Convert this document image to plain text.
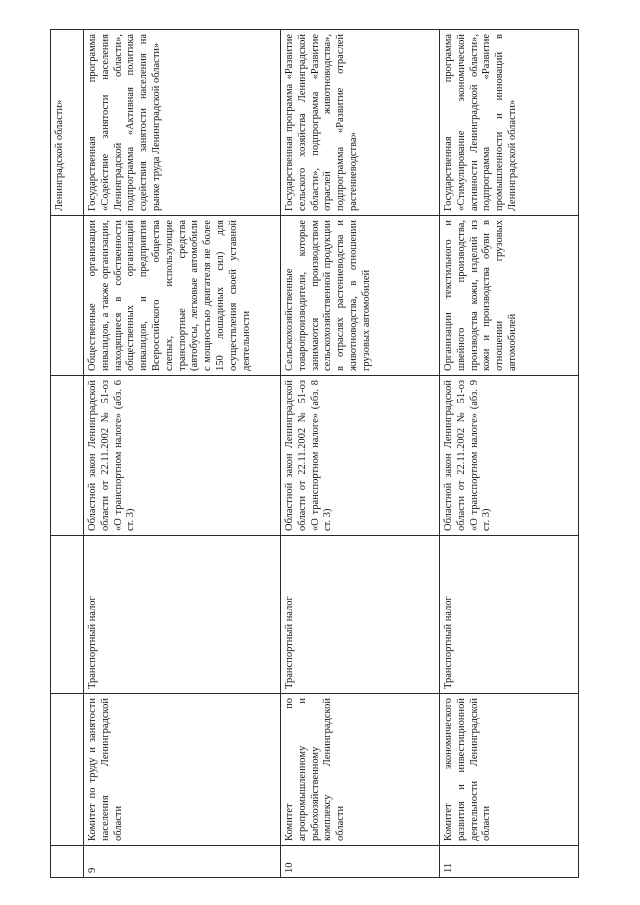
					Ленинградской области»
9	Комитет по труду и занятости населения Ленинградской области	Транспортный налог	Областной закон Ленинградской области от 22.11.2002 № 51-оз «О транспортном налоге» (абз. 6 ст. 3)	Общественные организации инвалидов, а также организации, находящиеся в собственности общественных организаций инвалидов, и предприятия Всероссийского общества слепых, использующие транспортные средства (автобусы, легковые автомобили с мощностью двигателя не более 150 лошадиных сил) для осуществления своей уставной деятельности	Государственная программа «Содействие занятости населения Ленинградской области», подпрограмма «Активная политика содействия занятости населения на рынке труда Ленинградской области»
10	Комитет по агропромышленному и рыбохозяйственному комплексу Ленинградской области	Транспортный налог	Областной закон Ленинградской области от 22.11.2002 № 51-оз «О транспортном налоге» (абз. 8 ст. 3)	Сельскохозяйственные товаропроизводители, которые занимаются производством сельскохозяйственной продукции в отраслях растениеводства и животноводства, в отношении грузовых автомобилей	Государственная программа «Развитие сельского хозяйства Ленинградской области», подпрограмма «Развитие отраслей животноводства», подпрограмма «Развитие отраслей растениеводства»
11	Комитет экономического развития и инвестиционной деятельности Ленинградской области	Транспортный налог	Областной закон Ленинградской области от 22.11.2002 № 51-оз «О транспортном налоге» (абз. 9 ст. 3)	Организации текстильного и швейного производства, производства кожи, изделий из кожи и производства обуви в отношении грузовых автомобилей	Государственная программа «Стимулирование экономической активности Ленинградской области», подпрограмма «Развитие промышленности и инноваций в Ленинградской области»
